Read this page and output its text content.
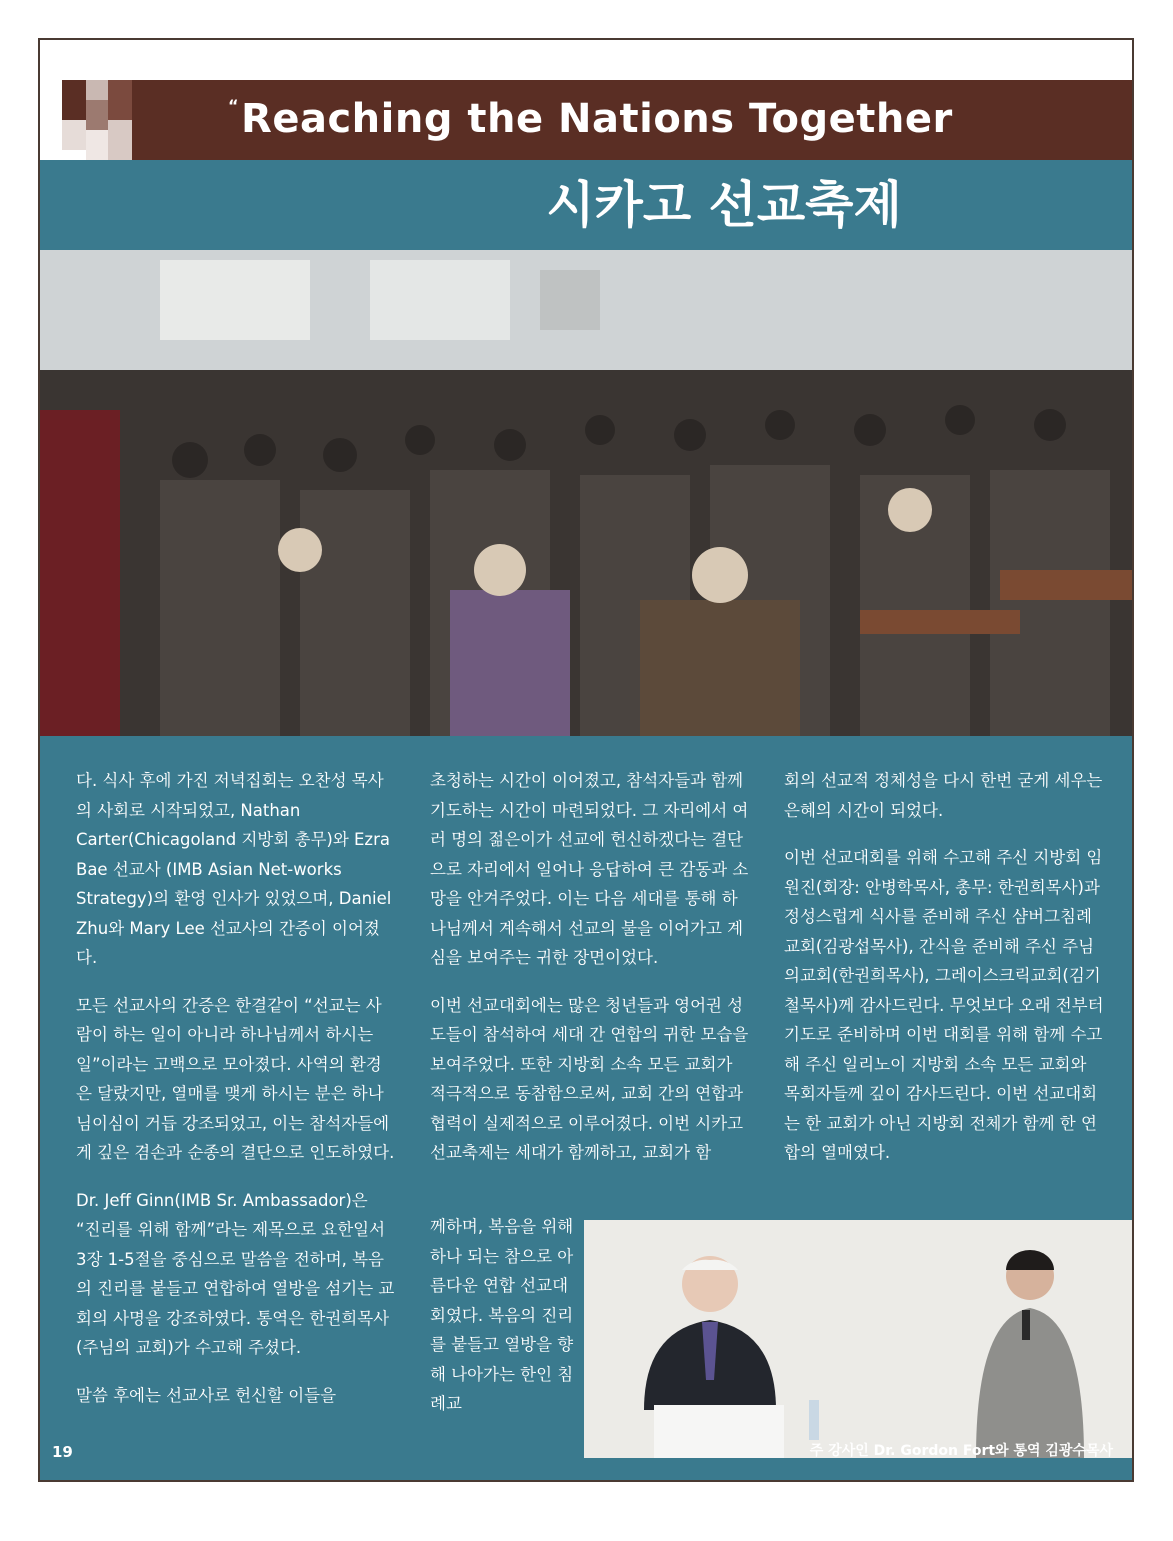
“Reaching the Nations Together
시카고 선교축제

다. 식사 후에 가진 저녁집회는 오찬성 목사의 사회로 시작되었고, Nathan Carter(Chicagoland 지방회 총무)와 Ezra Bae 선교사 (IMB Asian Net-works Strategy)의 환영 인사가 있었으며, Daniel Zhu와 Mary Lee 선교사의 간증이 이어졌다.

모든 선교사의 간증은 한결같이 “선교는 사람이 하는 일이 아니라 하나님께서 하시는 일”이라는 고백으로 모아졌다. 사역의 환경은 달랐지만, 열매를 맺게 하시는 분은 하나님이심이 거듭 강조되었고, 이는 참석자들에게 깊은 겸손과 순종의 결단으로 인도하였다.

Dr. Jeff Ginn(IMB Sr. Ambassador)은 “진리를 위해 함께”라는 제목으로 요한일서 3장 1-5절을 중심으로 말씀을 전하며, 복음의 진리를 붙들고 연합하여 열방을 섬기는 교회의 사명을 강조하였다. 통역은 한권희목사(주님의 교회)가 수고해 주셨다.

말씀 후에는 선교사로 헌신할 이들을

초청하는 시간이 이어졌고, 참석자들과 함께 기도하는 시간이 마련되었다. 그 자리에서 여러 명의 젊은이가 선교에 헌신하겠다는 결단으로 자리에서 일어나 응답하여 큰 감동과 소망을 안겨주었다. 이는 다음 세대를 통해 하나님께서 계속해서 선교의 불을 이어가고 계심을 보여주는 귀한 장면이었다.

이번 선교대회에는 많은 청년들과 영어권 성도들이 참석하여 세대 간 연합의 귀한 모습을 보여주었다. 또한 지방회 소속 모든 교회가 적극적으로 동참함으로써, 교회 간의 연합과 협력이 실제적으로 이루어졌다. 이번 시카고 선교축제는 세대가 함께하고, 교회가 함

께하며, 복음을 위해 하나 되는 참으로 아름다운 연합 선교대회였다. 복음의 진리를 붙들고 열방을 향해 나아가는 한인 침례교

회의 선교적 정체성을 다시 한번 굳게 세우는 은혜의 시간이 되었다.

이번 선교대회를 위해 수고해 주신 지방회 임원진(회장: 안병학목사, 총무: 한권희목사)과 정성스럽게 식사를 준비해 주신 샴버그침례교회(김광섭목사), 간식을 준비해 주신 주님의교회(한권희목사), 그레이스크릭교회(김기철목사)께 감사드린다. 무엇보다 오래 전부터 기도로 준비하며 이번 대회를 위해 함께 수고해 주신 일리노이 지방회 소속 모든 교회와 목회자들께 깊이 감사드린다. 이번 선교대회는 한 교회가 아닌 지방회 전체가 함께 한 연합의 열매였다.

19	주 강사인 Dr. Gordon Fort와 통역 김광수목사
